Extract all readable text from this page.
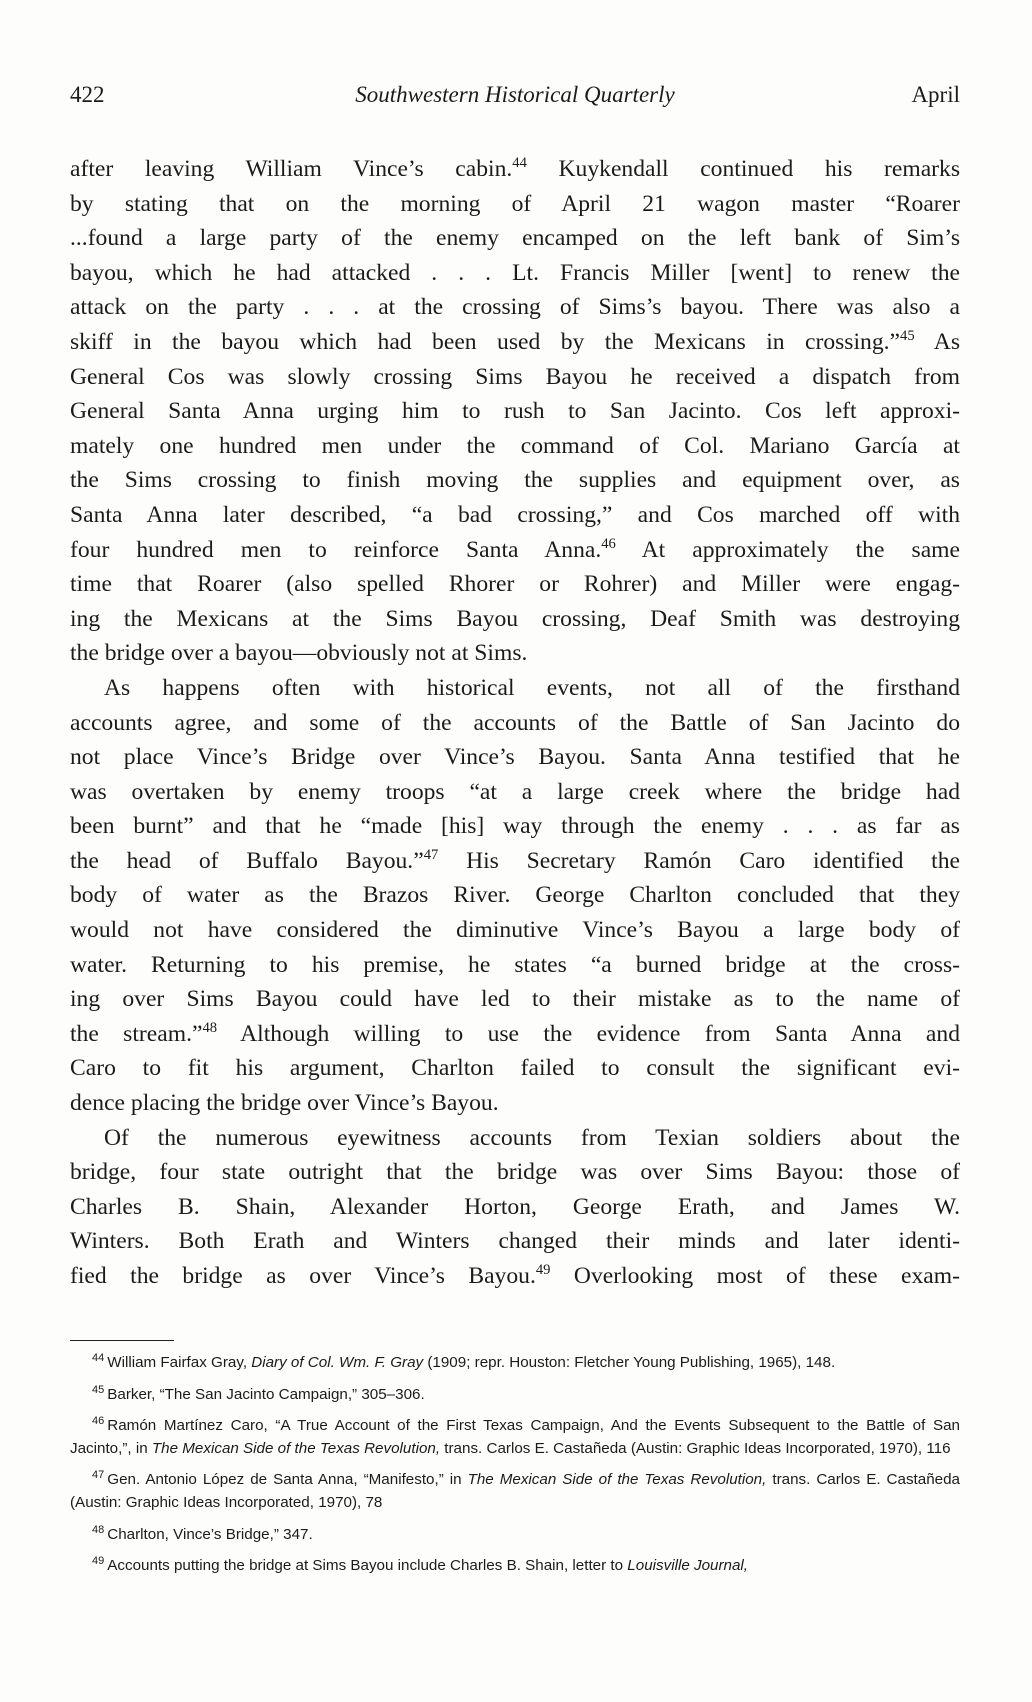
422	Southwestern Historical Quarterly	April
after leaving William Vince’s cabin.$^{44}$ Kuykendall continued his remarks
by stating that on the morning of April 21 wagon master “Roarer
...found a large party of the enemy encamped on the left bank of Sim’s
bayou, which he had attacked . . . Lt. Francis Miller [went] to renew the
attack on the party . . . at the crossing of Sims’s bayou. There was also a
skiff in the bayou which had been used by the Mexicans in crossing.”$^{45}$ As
General Cos was slowly crossing Sims Bayou he received a dispatch from
General Santa Anna urging him to rush to San Jacinto. Cos left approxi-
mately one hundred men under the command of Col. Mariano García at
the Sims crossing to finish moving the supplies and equipment over, as
Santa Anna later described, “a bad crossing,” and Cos marched off with
four hundred men to reinforce Santa Anna.$^{46}$ At approximately the same
time that Roarer (also spelled Rhorer or Rohrer) and Miller were engag-
ing the Mexicans at the Sims Bayou crossing, Deaf Smith was destroying
the bridge over a bayou—obviously not at Sims.
As happens often with historical events, not all of the firsthand
accounts agree, and some of the accounts of the Battle of San Jacinto do
not place Vince’s Bridge over Vince’s Bayou. Santa Anna testified that he
was overtaken by enemy troops “at a large creek where the bridge had
been burnt” and that he “made [his] way through the enemy . . . as far as
the head of Buffalo Bayou.”$^{47}$ His Secretary Ramón Caro identified the
body of water as the Brazos River. George Charlton concluded that they
would not have considered the diminutive Vince’s Bayou a large body of
water. Returning to his premise, he states “a burned bridge at the cross-
ing over Sims Bayou could have led to their mistake as to the name of
the stream.”$^{48}$ Although willing to use the evidence from Santa Anna and
Caro to fit his argument, Charlton failed to consult the significant evi-
dence placing the bridge over Vince’s Bayou.
Of the numerous eyewitness accounts from Texian soldiers about the
bridge, four state outright that the bridge was over Sims Bayou: those of
Charles B. Shain, Alexander Horton, George Erath, and James W.
Winters. Both Erath and Winters changed their minds and later identi-
fied the bridge as over Vince’s Bayou.$^{49}$ Overlooking most of these exam-

$^{44}$ William Fairfax Gray, Diary of Col. Wm. F. Gray (1909; repr. Houston: Fletcher Young Publishing, 1965), 148.

$^{45}$ Barker, “The San Jacinto Campaign,” 305–306.

$^{46}$ Ramón Martínez Caro, “A True Account of the First Texas Campaign, And the Events Subsequent to the Battle of San Jacinto,”, in The Mexican Side of the Texas Revolution, trans. Carlos E. Castañeda (Austin: Graphic Ideas Incorporated, 1970), 116

$^{47}$ Gen. Antonio López de Santa Anna, “Manifesto,” in The Mexican Side of the Texas Revolution, trans. Carlos E. Castañeda (Austin: Graphic Ideas Incorporated, 1970), 78

$^{48}$ Charlton, Vince’s Bridge,” 347.

$^{49}$ Accounts putting the bridge at Sims Bayou include Charles B. Shain, letter to Louisville Journal,
